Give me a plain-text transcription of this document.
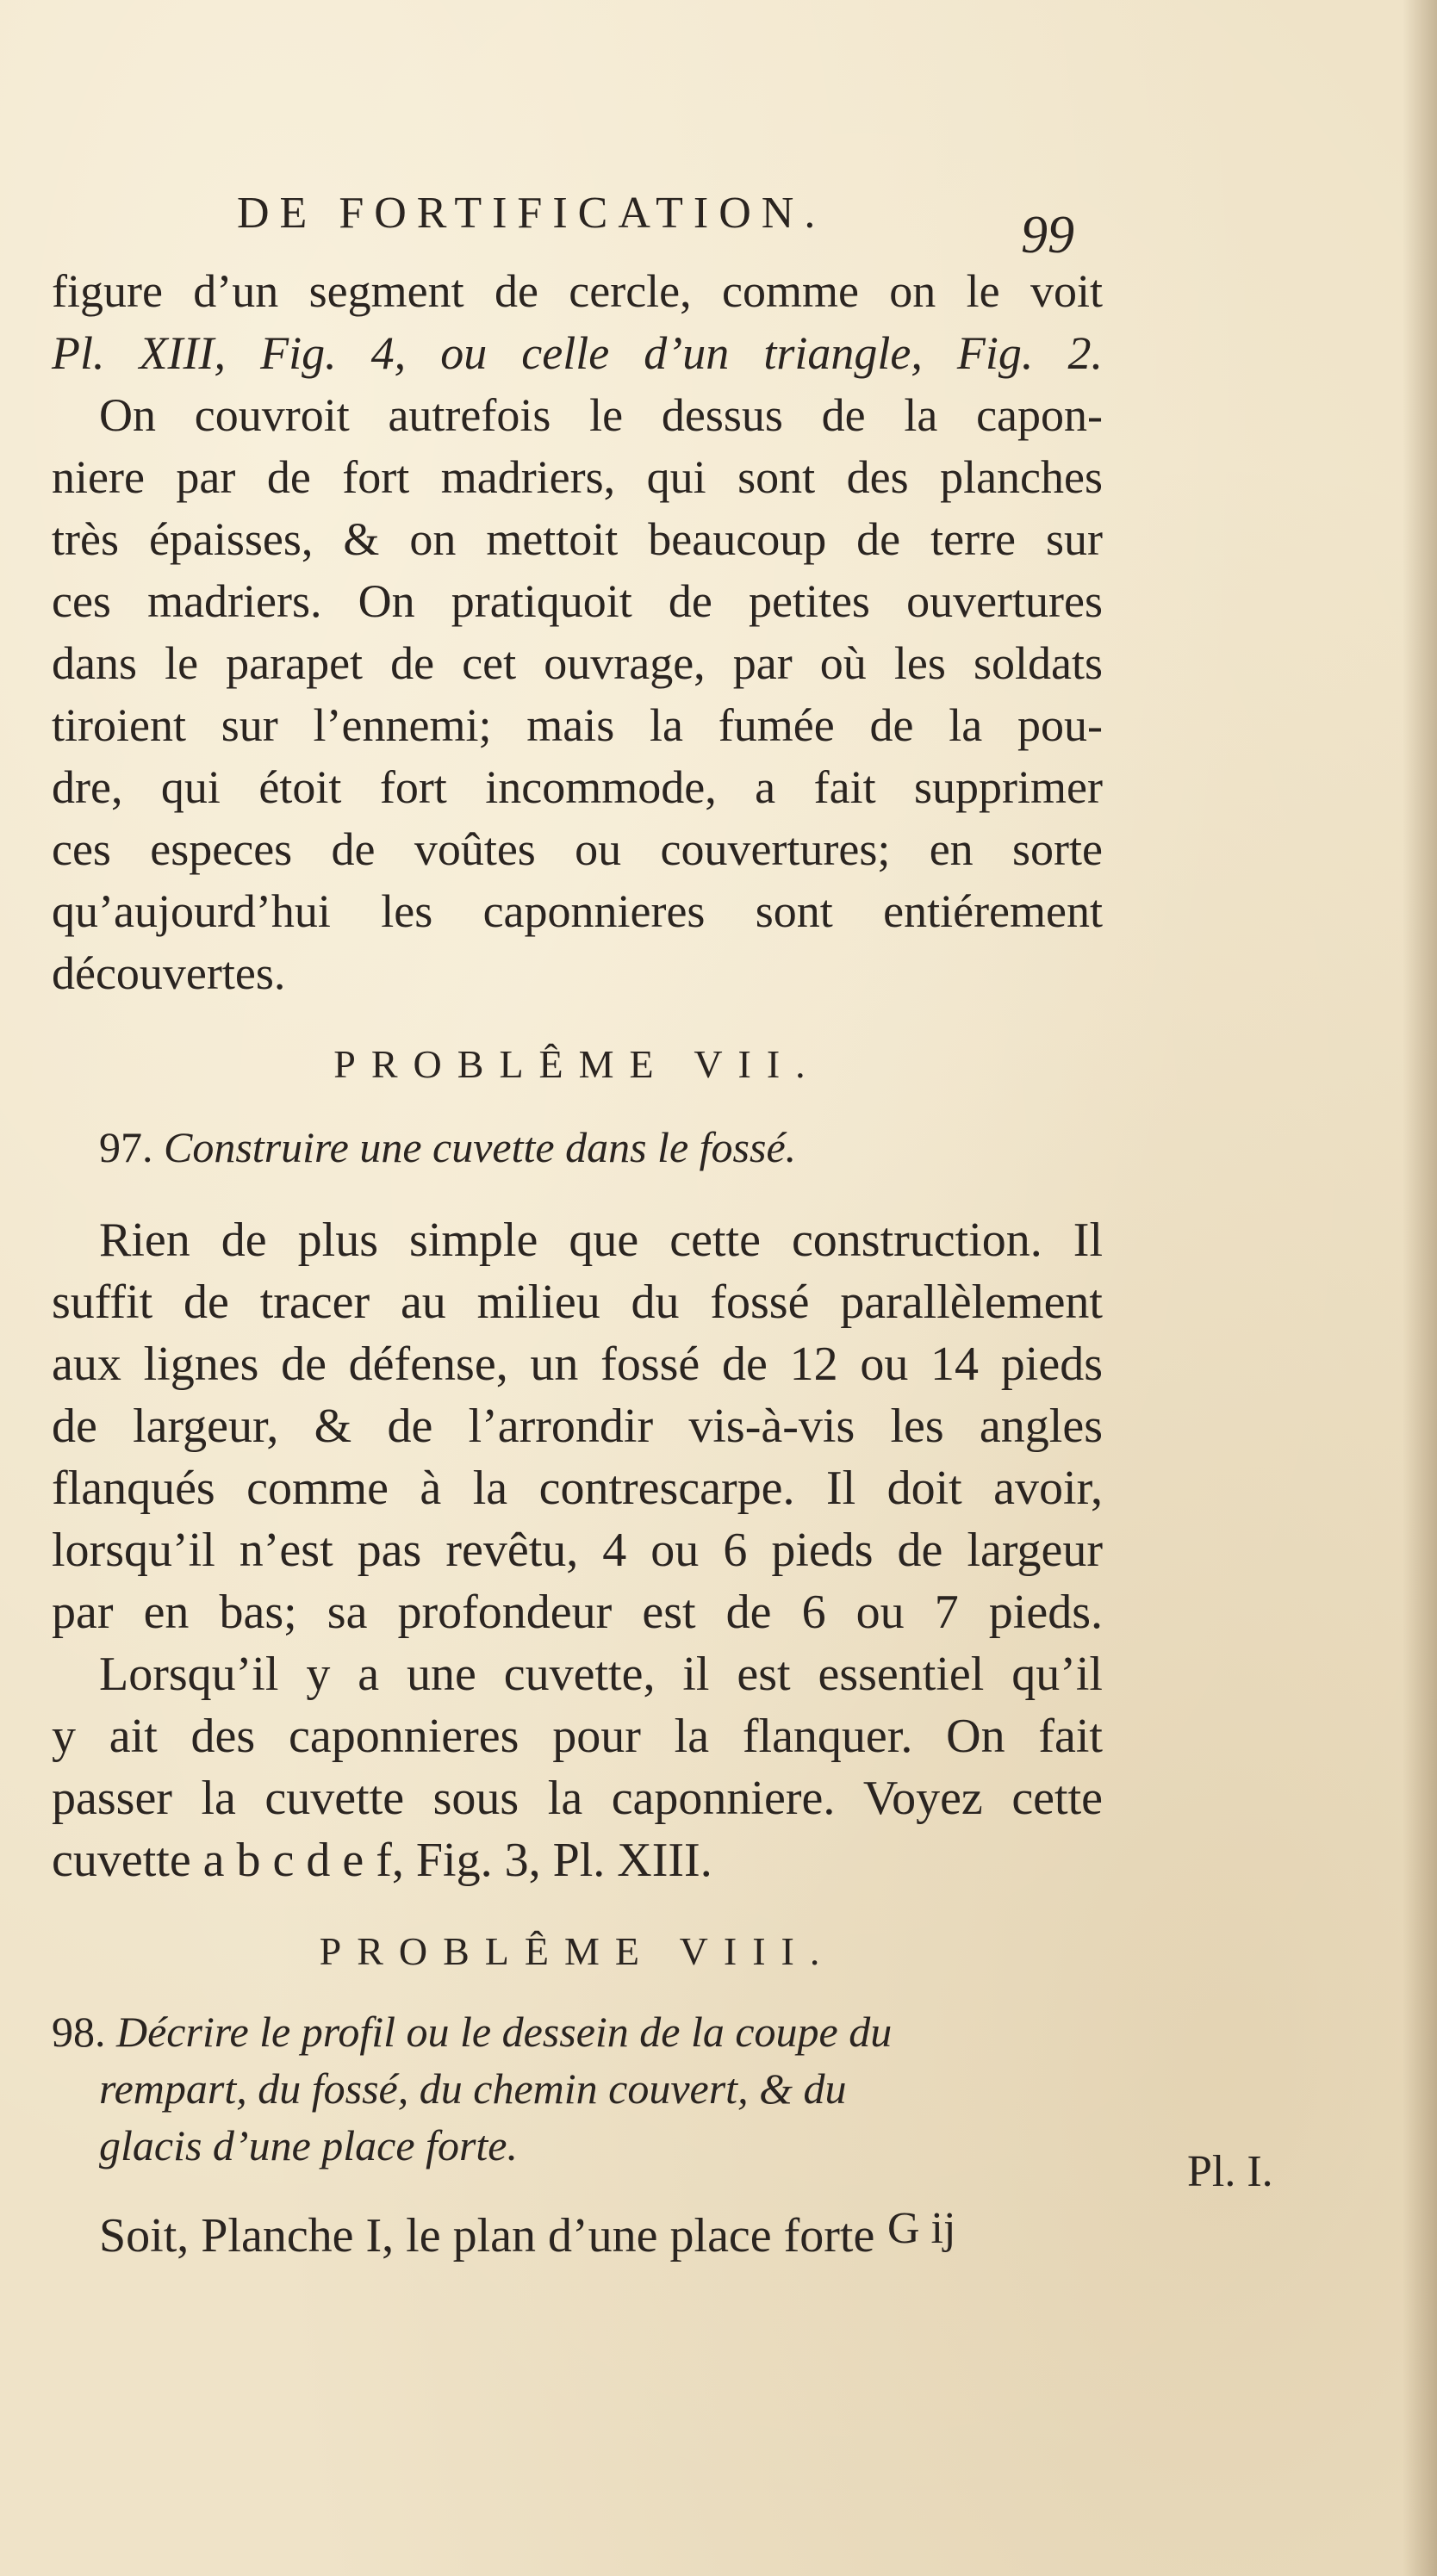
DE FORTIFICATION.	99
figure d’un segment de cercle, comme on le voit
Pl. XIII, Fig. 4, ou celle d’un triangle, Fig. 2.
On couvroit autrefois le dessus de la capon-
niere par de fort madriers, qui sont des planches
très épaisses, & on mettoit beaucoup de terre sur
ces madriers. On pratiquoit de petites ouvertures
dans le parapet de cet ouvrage, par où les soldats
tiroient sur l’ennemi; mais la fumée de la pou-
dre, qui étoit fort incommode, a fait supprimer
ces especes de voûtes ou couvertures; en sorte
qu’aujourd’hui les caponnieres sont entiérement
découvertes.
PROBLÊME VII.
97. Construire une cuvette dans le fossé.
Rien de plus simple que cette construction. Il
suffit de tracer au milieu du fossé parallèlement
aux lignes de défense, un fossé de 12 ou 14 pieds
de largeur, & de l’arrondir vis-à-vis les angles
flanqués comme à la contrescarpe. Il doit avoir,
lorsqu’il n’est pas revêtu, 4 ou 6 pieds de largeur
par en bas; sa profondeur est de 6 ou 7 pieds.
Lorsqu’il y a une cuvette, il est essentiel qu’il
y ait des caponnieres pour la flanquer. On fait
passer la cuvette sous la caponniere. Voyez cette
cuvette a b c d e f, Fig. 3, Pl. XIII.
PROBLÊME VIII.
98. Décrire le profil ou le dessein de la coupe du
rempart, du fossé, du chemin couvert, & du
glacis d’une place forte.
Soit, Planche I, le plan d’une place forte
Pl. I.
G ij
